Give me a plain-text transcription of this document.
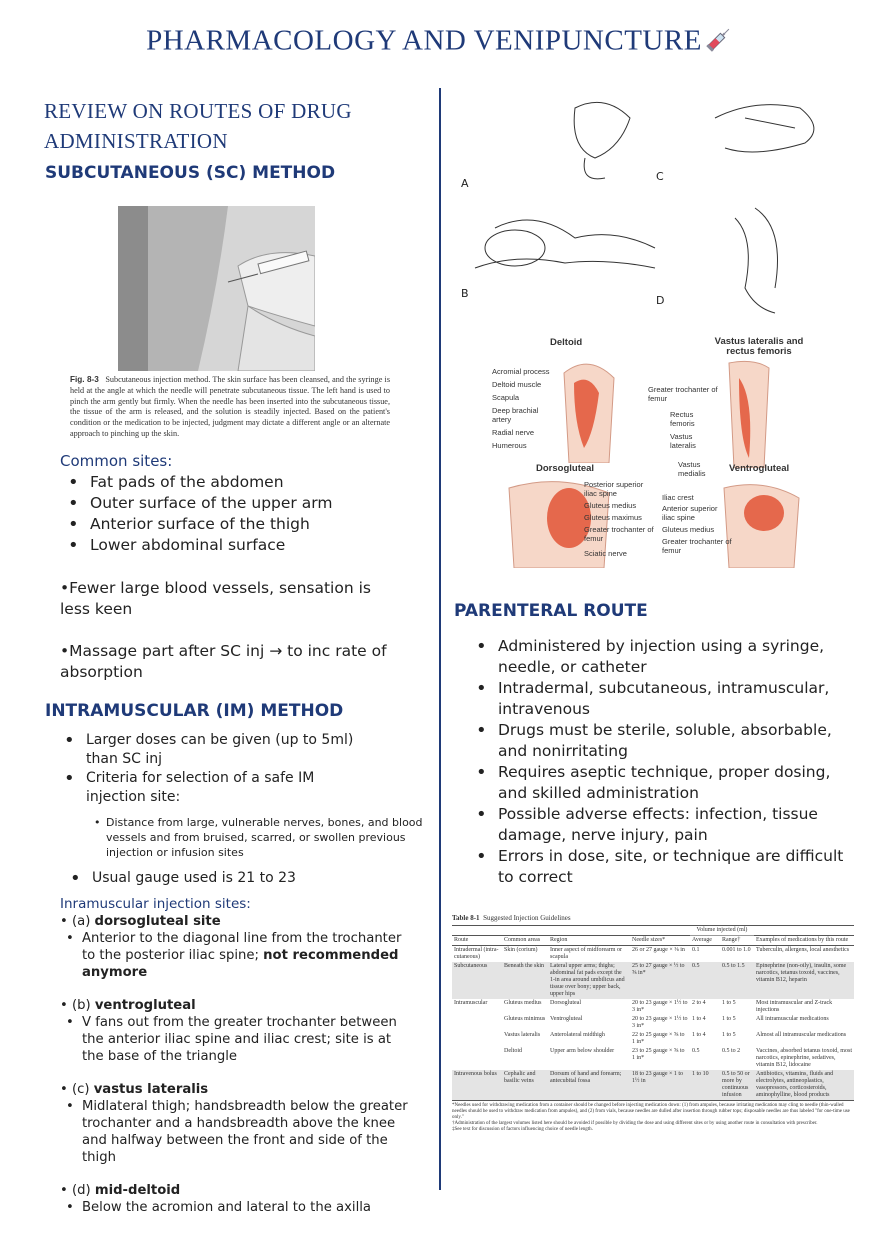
PHARMACOLOGY AND VENIPUNCTURE
REVIEW ON ROUTES OF DRUG ADMINISTRATION
SUBCUTANEOUS (SC) METHOD
Fig. 8-3 Subcutaneous injection method. The skin surface has been cleansed, and the syringe is held at the angle at which the needle will penetrate subcutaneous tissue. The left hand is used to pinch the arm gently but firmly. When the needle has been inserted into the subcutaneous tissue, the tissue of the arm is released, and the solution is steadily injected. Based on the patient's condition or the medication to be injected, judgment may dictate a different angle or an alternate approach to pinching up the skin.
Common sites:
• Fat pads of the abdomen
• Outer surface of the upper arm
• Anterior surface of the thigh
• Lower abdominal surface
•Fewer large blood vessels, sensation is less keen
•Massage part after SC inj → to inc rate of absorption
INTRAMUSCULAR (IM) METHOD
• Larger doses can be given (up to 5ml) than SC inj
• Criteria for selection of a safe IM injection site:
• Distance from large, vulnerable nerves, bones, and blood vessels and from bruised, scarred, or swollen previous injection or infusion sites
• Usual gauge used is 21 to 23
Inramuscular injection sites:
• (a) dorsogluteal site
• Anterior to the diagonal line from the trochanter to the posterior iliac spine; not recommended anymore
• (b) ventrogluteal
• V fans out from the greater trochanter between the anterior iliac spine and iliac crest; site is at the base of the triangle
• (c) vastus lateralis
• Midlateral thigh; handsbreadth below the greater trochanter and a handsbreadth above the knee and halfway between the front and side of the thigh
• (d) mid-deltoid
• Below the acromion and lateral to the axilla
A
B
C
D
Deltoid	Vastus lateralis and rectus femoris
Dorsogluteal	Ventrogluteal
Acromial process
Deltoid muscle
Scapula
Deep brachial artery
Radial nerve
Humerous
Greater trochanter of femur
Rectus femoris
Vastus lateralis
Vastus medialis
Posterior superior iliac spine
Gluteus medius
Gluteus maximus
Greater trochanter of femur
Sciatic nerve
Iliac crest
Anterior superior iliac spine
Gluteus medius
Greater trochanter of femur
PARENTERAL ROUTE
• Administered by injection using a syringe, needle, or catheter
• Intradermal, subcutaneous, intramuscular, intravenous
• Drugs must be sterile, soluble, absorbable, and nonirritating
• Requires aseptic technique, proper dosing, and skilled administration
• Possible adverse effects: infection, tissue damage, nerve injury, pain
• Errors in dose, site, or technique are difficult to correct
Table 8-1 Suggested Injection Guidelines
				Volume injected (ml)		
Route	Common areas	Region	Needle sizes*	Average	Range†	Examples of medications by this route
Intradermal (intra-cutaneous)	Skin (corium)	Inner aspect of midforearm or scapula	26 or 27 gauge × ⅜ in	0.1	0.001 to 1.0	Tuberculin, allergens, local anesthetics
Subcutaneous	Beneath the skin	Lateral upper arms; thighs; abdominal fat pads except the 1-in area around umbilicus and tissue over bony; upper back, upper hips	25 to 27 gauge × ½ to ⅝ in*	0.5	0.5 to 1.5	Epinephrine (non-oily), insulin, some narcotics, tetanus toxoid, vaccines, vitamin B12, heparin
Intramuscular	Gluteus medius	Dorsogluteal	20 to 23 gauge × 1½ to 3 in*	2 to 4	1 to 5	Most intramuscular and Z-track injections
	Gluteus minimus	Ventrogluteal	20 to 23 gauge × 1½ to 3 in*	1 to 4	1 to 5	All intramuscular medications
	Vastus lateralis	Anterolateral midthigh	22 to 25 gauge × ⅝ to 1 in*	1 to 4	1 to 5	Almost all intramuscular medications
	Deltoid	Upper arm below shoulder	23 to 25 gauge × ⅝ to 1 in*	0.5	0.5 to 2	Vaccines, absorbed tetanus toxoid, most narcotics, epinephrine, sedatives, vitamin B12, lidocaine
Intravenous bolus	Cephalic and basilic veins	Dorsum of hand and forearm; antecubital fossa	18 to 23 gauge × 1 to 1½ in	1 to 10	0.5 to 50 or more by continuous infusion	Antibiotics, vitamins, fluids and electrolytes, antineoplastics, vasopressors, corticosteroids, aminophylline, blood products
*Needles used for withdrawing medication from a container should be changed before injecting medication down: (1) from ampules, because irritating medication may cling to needle (thin-walled needles should be used to withdraw medication from ampules), and (2) from vials, because needles are dulled after insertion through rubber tops; disposable needles are thus labeled "for one-time use only."
†Administration of the largest volumes listed here should be avoided if possible by dividing the dose and using different sites or by using another route in consultation with prescriber.
‡See text for discussion of factors influencing choice of needle length.
